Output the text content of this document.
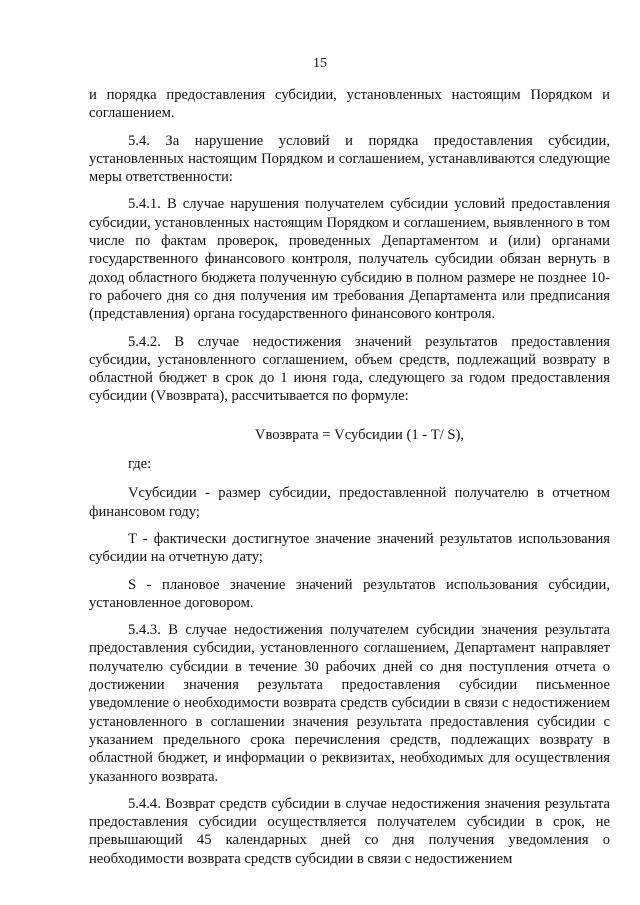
15

и порядка предоставления субсидии, установленных настоящим Порядком и соглашением.

5.4. За нарушение условий и порядка предоставления субсидии, установленных настоящим Порядком и соглашением, устанавливаются следующие меры ответственности:

5.4.1. В случае нарушения получателем субсидии условий предоставления субсидии, установленных настоящим Порядком и соглашением, выявленного в том числе по фактам проверок, проведенных Департаментом и (или) органами государственного финансового контроля, получатель субсидии обязан вернуть в доход областного бюджета полученную субсидию в полном размере не позднее 10-го рабочего дня со дня получения им требования Департамента или предписания (представления) органа государственного финансового контроля.

5.4.2. В случае недостижения значений результатов предоставления субсидии, установленного соглашением, объем средств, подлежащий возврату в областной бюджет в срок до 1 июня года, следующего за годом предоставления субсидии (Vвозврата), рассчитывается по формуле:

Vвозврата = Vсубсидии (1 - T/ S),

где:

Vсубсидии - размер субсидии, предоставленной получателю в отчетном финансовом году;

T - фактически достигнутое значение значений результатов использования субсидии на отчетную дату;

S - плановое значение значений результатов использования субсидии, установленное договором.

5.4.3. В случае недостижения получателем субсидии значения результата предоставления субсидии, установленного соглашением, Департамент направляет получателю субсидии в течение 30 рабочих дней со дня поступления отчета о достижении значения результата предоставления субсидии письменное уведомление о необходимости возврата средств субсидии в связи с недостижением установленного в соглашении значения результата предоставления субсидии с указанием предельного срока перечисления средств, подлежащих возврату в областной бюджет, и информации о реквизитах, необходимых для осуществления указанного возврата.

5.4.4. Возврат средств субсидии в случае недостижения значения результата предоставления субсидии осуществляется получателем субсидии в срок, не превышающий 45 календарных дней со дня получения уведомления о необходимости возврата средств субсидии в связи с недостижением
